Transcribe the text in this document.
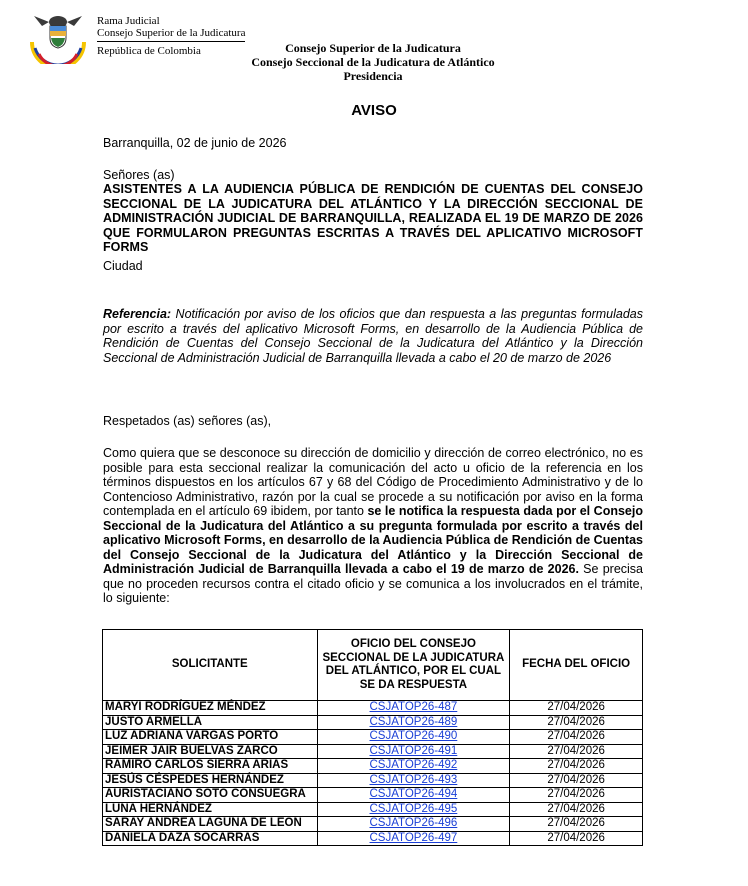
Rama Judicial
Consejo Superior de la Judicatura
República de Colombia	Consejo Superior de la Judicatura
Consejo Seccional de la Judicatura de Atlántico
Presidencia
AVISO
Barranquilla, 02 de junio de 2026
Señores (as)
ASISTENTES A LA AUDIENCIA PÚBLICA DE RENDICIÓN DE CUENTAS DEL CONSEJO SECCIONAL DE LA JUDICATURA DEL ATLÁNTICO Y LA DIRECCIÓN SECCIONAL DE ADMINISTRACIÓN JUDICIAL DE BARRANQUILLA, REALIZADA EL 19 DE MARZO DE 2026 QUE FORMULARON PREGUNTAS ESCRITAS A TRAVÉS DEL APLICATIVO MICROSOFT FORMS
Ciudad
Referencia: Notificación por aviso de los oficios que dan respuesta a las preguntas formuladas por escrito a través del aplicativo Microsoft Forms, en desarrollo de la Audiencia Pública de Rendición de Cuentas del Consejo Seccional de la Judicatura del Atlántico y la Dirección Seccional de Administración Judicial de Barranquilla llevada a cabo el 20 de marzo de 2026
Respetados (as) señores (as),
Como quiera que se desconoce su dirección de domicilio y dirección de correo electrónico, no es posible para esta seccional realizar la comunicación del acto u oficio de la referencia en los términos dispuestos en los artículos 67 y 68 del Código de Procedimiento Administrativo y de lo Contencioso Administrativo, razón por la cual se procede a su notificación por aviso en la forma contemplada en el artículo 69 ibidem, por tanto se le notifica la respuesta dada por el Consejo Seccional de la Judicatura del Atlántico a su pregunta formulada por escrito a través del aplicativo Microsoft Forms, en desarrollo de la Audiencia Pública de Rendición de Cuentas del Consejo Seccional de la Judicatura del Atlántico y la Dirección Seccional de Administración Judicial de Barranquilla llevada a cabo el 19 de marzo de 2026. Se precisa que no proceden recursos contra el citado oficio y se comunica a los involucrados en el trámite, lo siguiente:
SOLICITANTE	OFICIO DEL CONSEJO SECCIONAL DE LA JUDICATURA DEL ATLÁNTICO, POR EL CUAL SE DA RESPUESTA	FECHA DEL OFICIO
MARYI RODRÍGUEZ MÉNDEZ	CSJATOP26-487	27/04/2026
JUSTO ARMELLA	CSJATOP26-489	27/04/2026
LUZ ADRIANA VARGAS PORTO	CSJATOP26-490	27/04/2026
JEIMER JAIR BUELVAS ZARCO	CSJATOP26-491	27/04/2026
RAMIRO CARLOS SIERRA ARIAS	CSJATOP26-492	27/04/2026
JESÚS CÉSPEDES HERNÁNDEZ	CSJATOP26-493	27/04/2026
AURISTACIANO SOTO CONSUEGRA	CSJATOP26-494	27/04/2026
LUNA HERNÁNDEZ	CSJATOP26-495	27/04/2026
SARAY ANDREA LAGUNA DE LEON	CSJATOP26-496	27/04/2026
DANIELA DAZA SOCARRAS	CSJATOP26-497	27/04/2026
